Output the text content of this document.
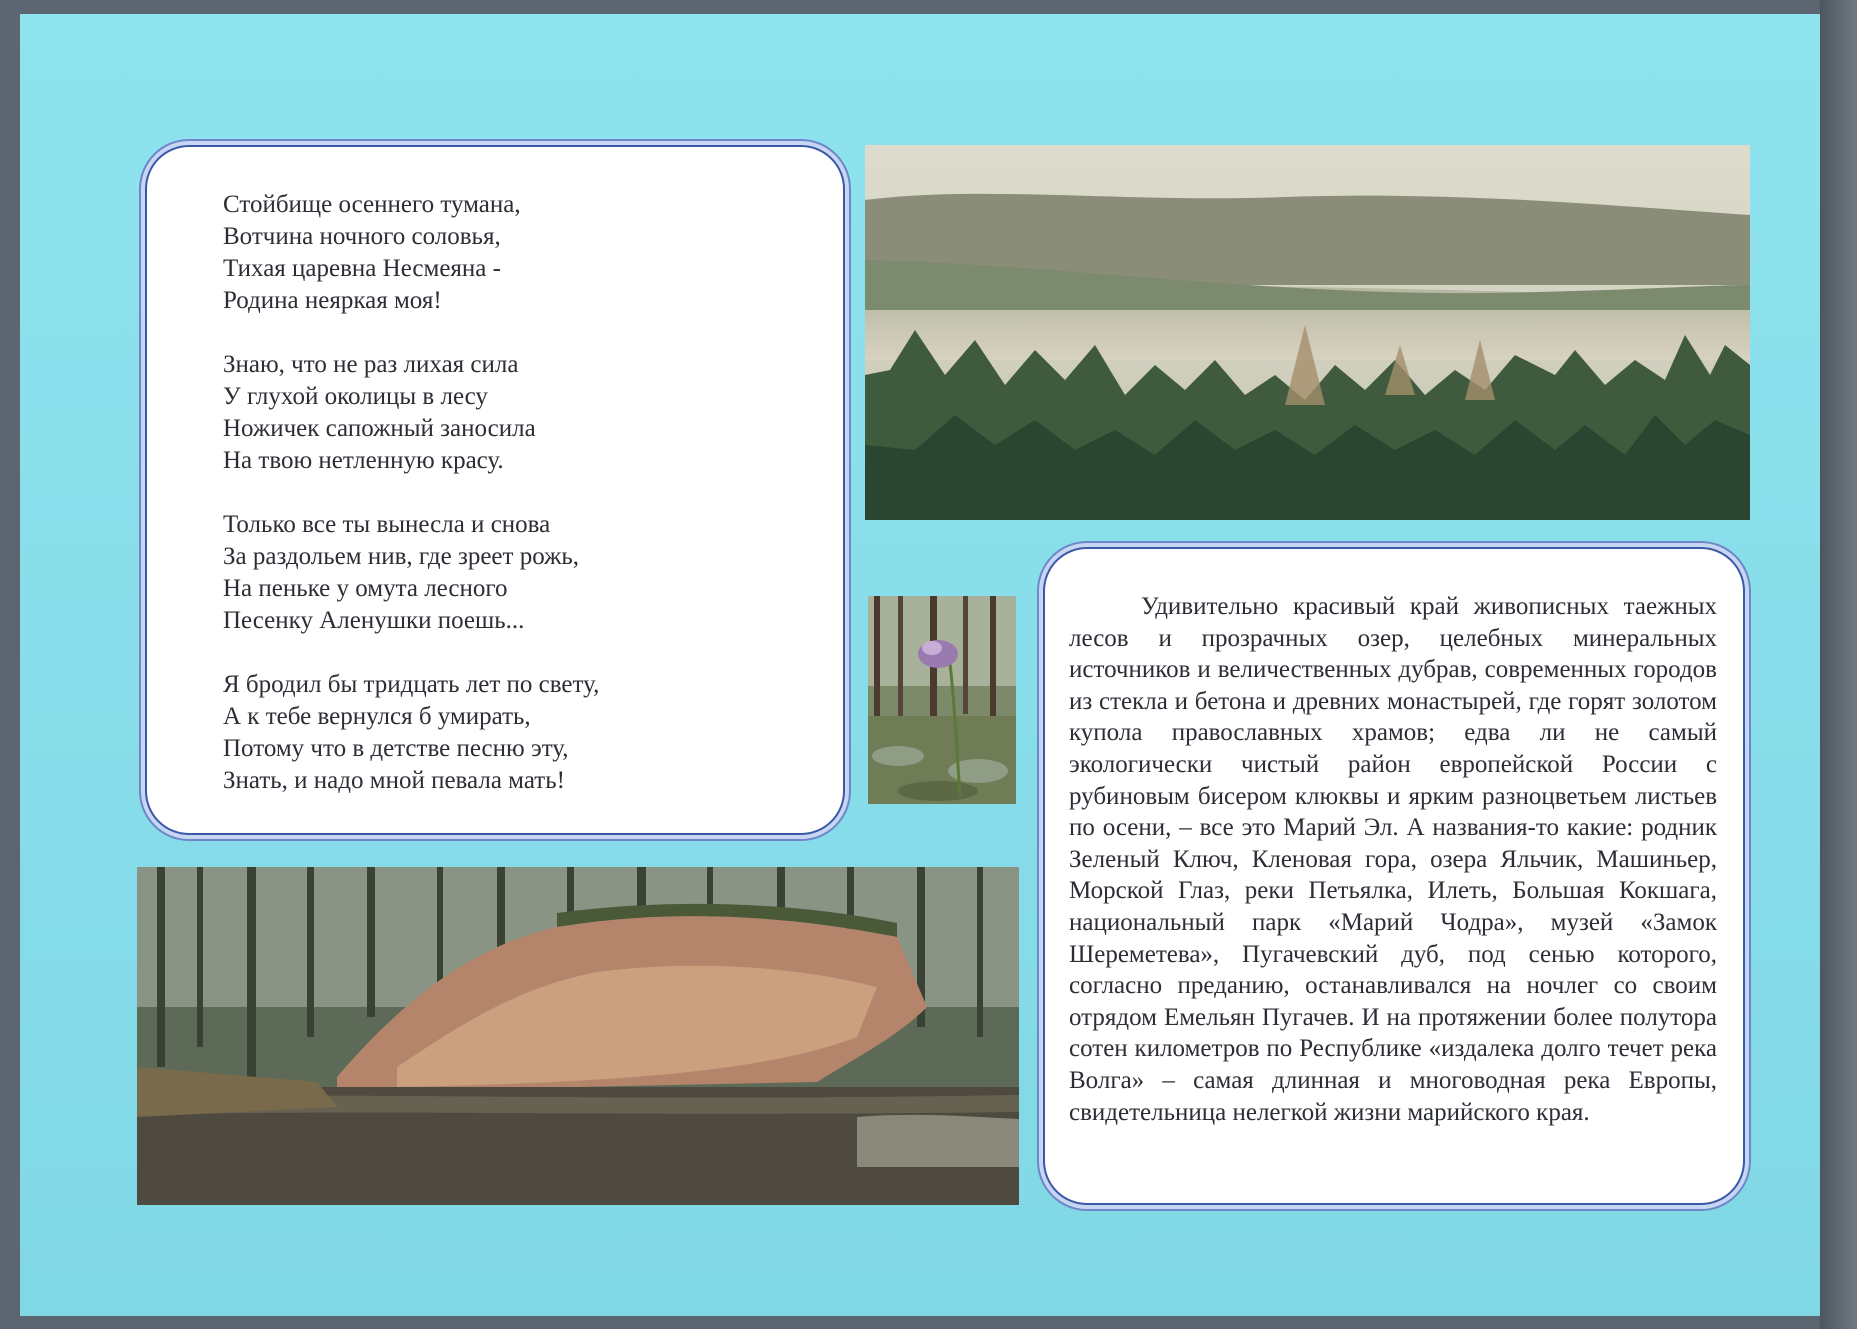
Стойбище осеннего тумана,
Вотчина ночного соловья,
Тихая царевна Несмеяна -
Родина неяркая моя!
Знаю, что не раз лихая сила
У глухой околицы в лесу
Ножичек сапожный заносила
На твою нетленную красу.
Только все ты вынесла и снова
За раздольем нив, где зреет рожь,
На пеньке у омута лесного
Песенку Аленушки поешь...
Я бродил бы тридцать лет по свету,
А к тебе вернулся б умирать,
Потому что в детстве песню эту,
Знать, и надо мной певала мать!

Удивительно красивый край живописных таежных лесов и прозрачных озер, целебных минеральных источников и величественных дубрав, современных городов из стекла и бетона и древних монастырей, где горят золотом купола православных храмов; едва ли не самый экологически чистый район европейской России с рубиновым бисером клюквы и ярким разноцветьем листьев по осени, – все это Марий Эл. А названия-то какие: родник Зеленый Ключ, Кленовая гора, озера Яльчик, Машиньер, Морской Глаз, реки Петьялка, Илеть, Большая Кокшага, национальный парк «Марий Чодра», музей «Замок Шереметева», Пугачевский дуб, под сенью которого, согласно преданию, останавливался на ночлег со своим отрядом Емельян Пугачев. И на протяжении более полутора сотен километров по Республике «издалека долго течет река Волга» – самая длинная и многоводная река Европы, свидетельница нелегкой жизни марийского края.
